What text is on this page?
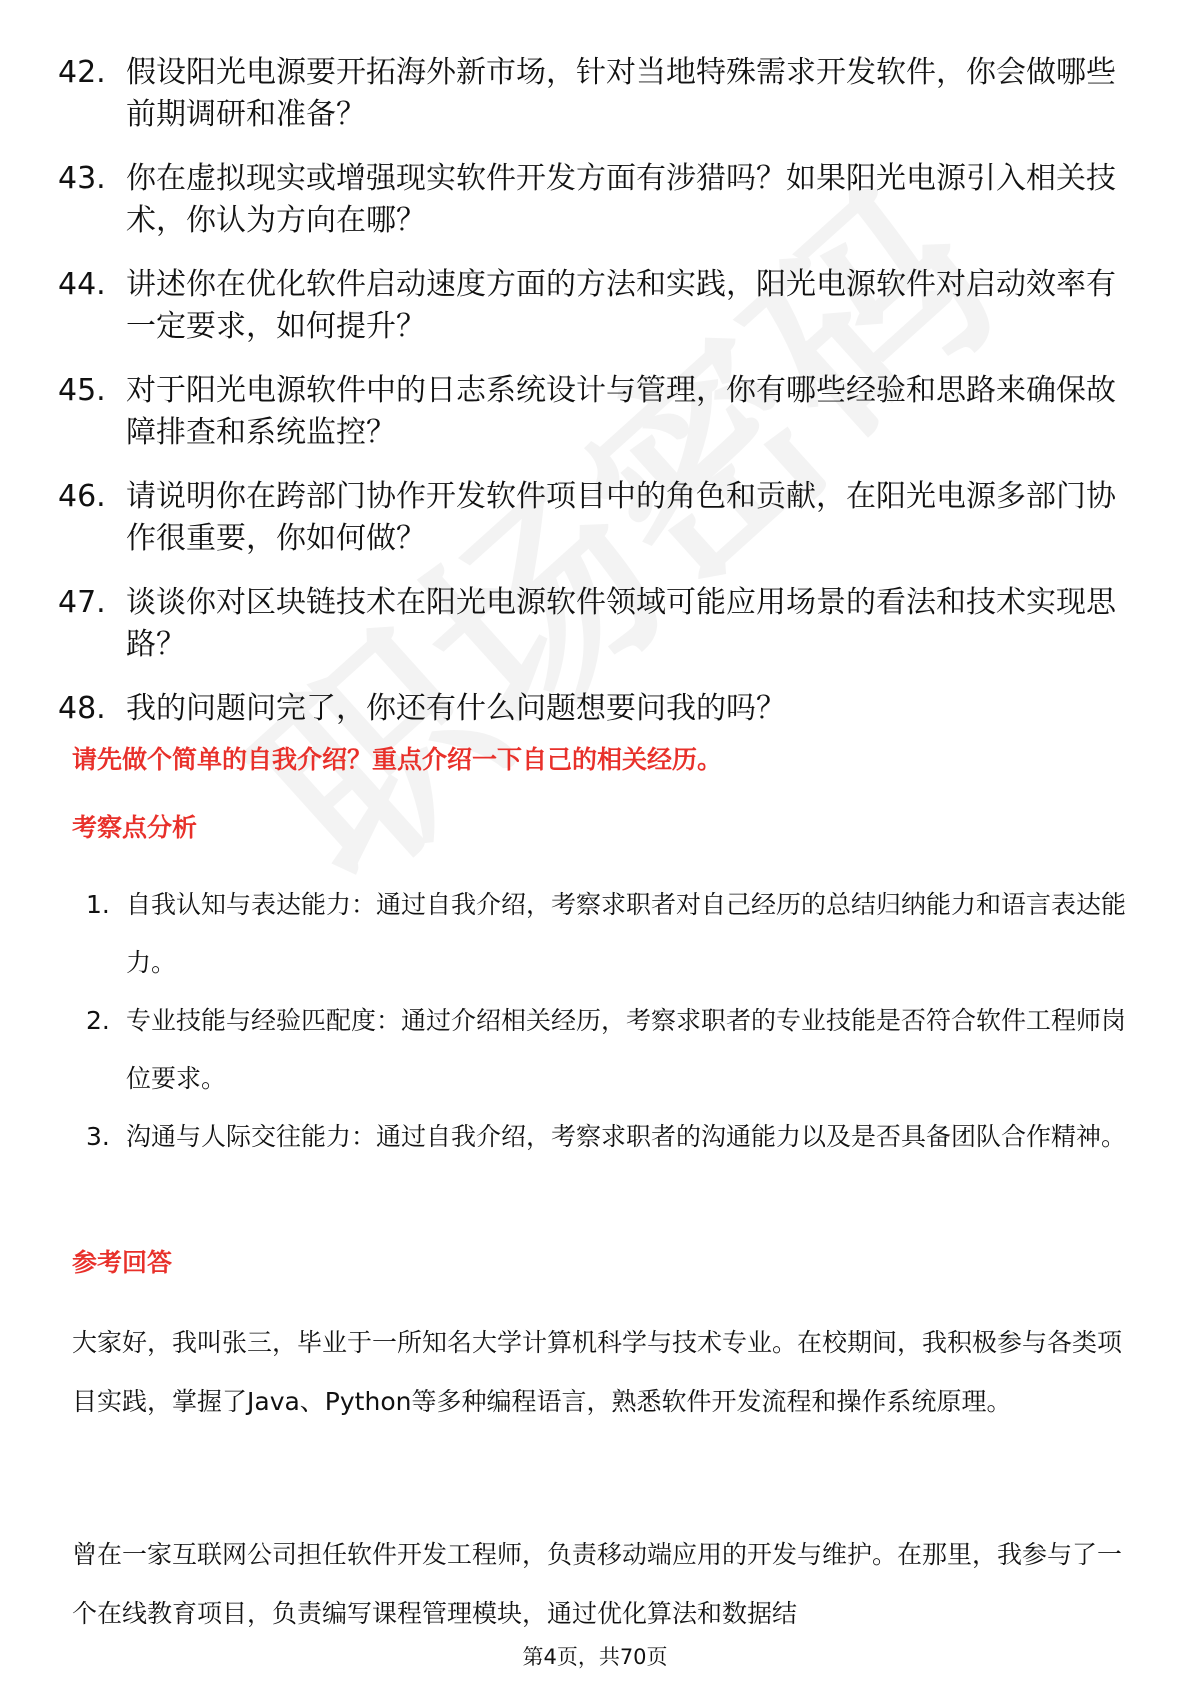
42. 假设阳光电源要开拓海外新市场，针对当地特殊需求开发软件，你会做哪些前期调研和准备？
43. 你在虚拟现实或增强现实软件开发方面有涉猎吗？如果阳光电源引入相关技术，你认为方向在哪？
44. 讲述你在优化软件启动速度方面的方法和实践，阳光电源软件对启动效率有一定要求，如何提升？
45. 对于阳光电源软件中的日志系统设计与管理，你有哪些经验和思路来确保故障排查和系统监控？
46. 请说明你在跨部门协作开发软件项目中的角色和贡献，在阳光电源多部门协作很重要，你如何做？
47. 谈谈你对区块链技术在阳光电源软件领域可能应用场景的看法和技术实现思路？
48. 我的问题问完了，你还有什么问题想要问我的吗？
请先做个简单的自我介绍？重点介绍一下自己的相关经历。
考察点分析
1. 自我认知与表达能力：通过自我介绍，考察求职者对自己经历的总结归纳能力和语言表达能力。
2. 专业技能与经验匹配度：通过介绍相关经历，考察求职者的专业技能是否符合软件工程师岗位要求。
3. 沟通与人际交往能力：通过自我介绍，考察求职者的沟通能力以及是否具备团队合作精神。
参考回答
大家好，我叫张三，毕业于一所知名大学计算机科学与技术专业。在校期间，我积极参与各类项目实践，掌握了Java、Python等多种编程语言，熟悉软件开发流程和操作系统原理。
曾在一家互联网公司担任软件开发工程师，负责移动端应用的开发与维护。在那里，我参与了一个在线教育项目，负责编写课程管理模块，通过优化算法和数据结
第4页，共70页
